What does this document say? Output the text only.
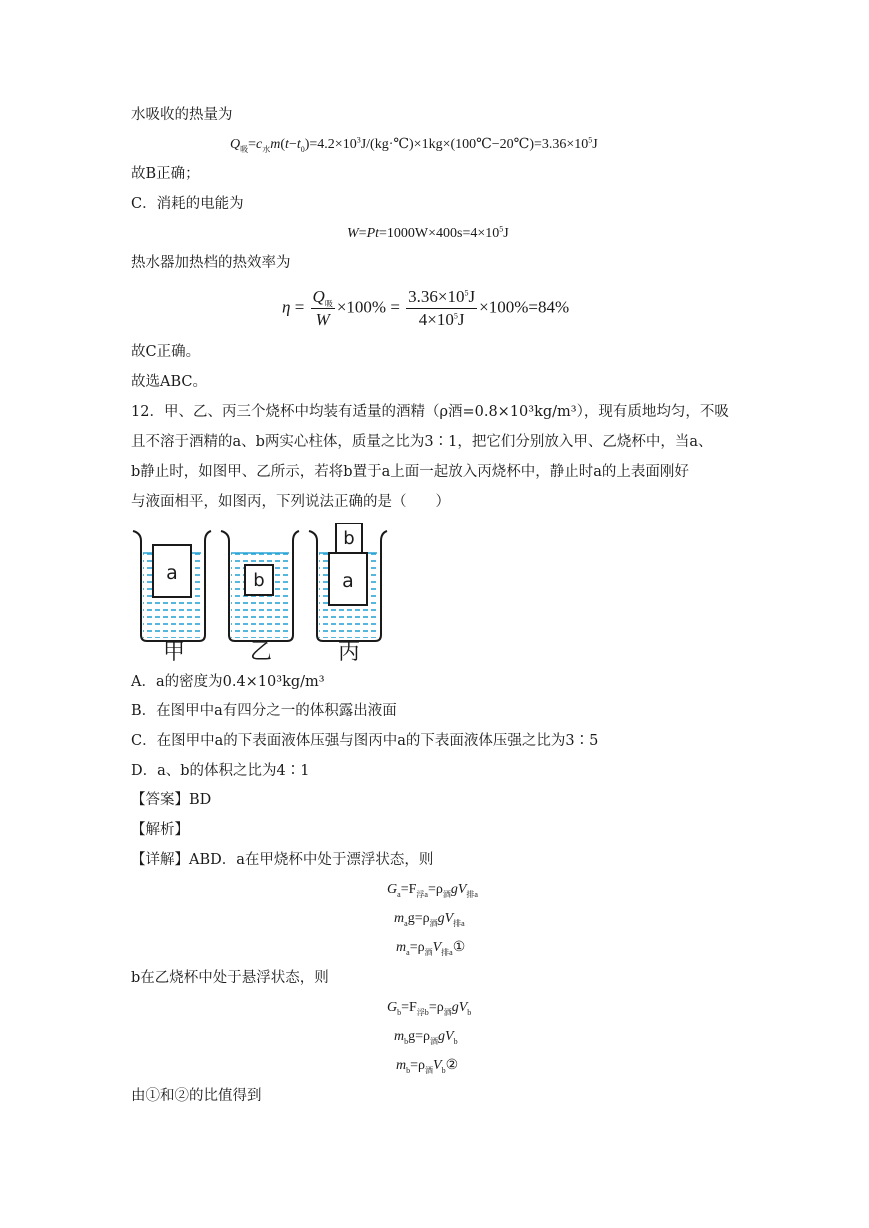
水吸收的热量为
$Q_吸=c_水m(t-t_0)=4.2\times 10^3J/(kg\cdot℃)\times 1kg\times(100℃-20℃)=3.36\times 10^5J$
故B正确；
C．消耗的电能为
$W=Pt=1000W\times 400s=4\times 10^5J$
热水器加热档的热效率为
$\eta = \frac{Q_吸}{W} \times 100\% = \frac{3.36\times 10^5J}{4\times 10^5J} \times 100\%=84\%$
故C正确。
故选ABC。
12．甲、乙、丙三个烧杯中均装有适量的酒精（ρ酒=0.8×10³kg/m³），现有质地均匀，不吸
且不溶于酒精的a、b两实心柱体，质量之比为3∶1，把它们分别放入甲、乙烧杯中，当a、
b静止时，如图甲、乙所示，若将b置于a上面一起放入丙烧杯中，静止时a的上表面刚好
与液面相平，如图丙，下列说法正确的是（　　）
a	b	a
b
甲	乙	丙
A．a的密度为0.4×10³kg/m³
B．在图甲中a有四分之一的体积露出液面
C．在图甲中a的下表面液体压强与图丙中a的下表面液体压强之比为3∶5
D．a、b的体积之比为4∶1
【答案】BD
【解析】
【详解】ABD．a在甲烧杯中处于漂浮状态，则
$G_a=F_{浮a}=\rho_酒gV_{排a}$
$m_ag=\rho_酒gV_{排a}$
$m_a=\rho_酒V_{排a}①$
b在乙烧杯中处于悬浮状态，则
$G_b=F_{浮b}=\rho_酒gV_b$
$m_bg=\rho_酒gV_b$
$m_b=\rho_酒V_b②$
由①和②的比值得到
